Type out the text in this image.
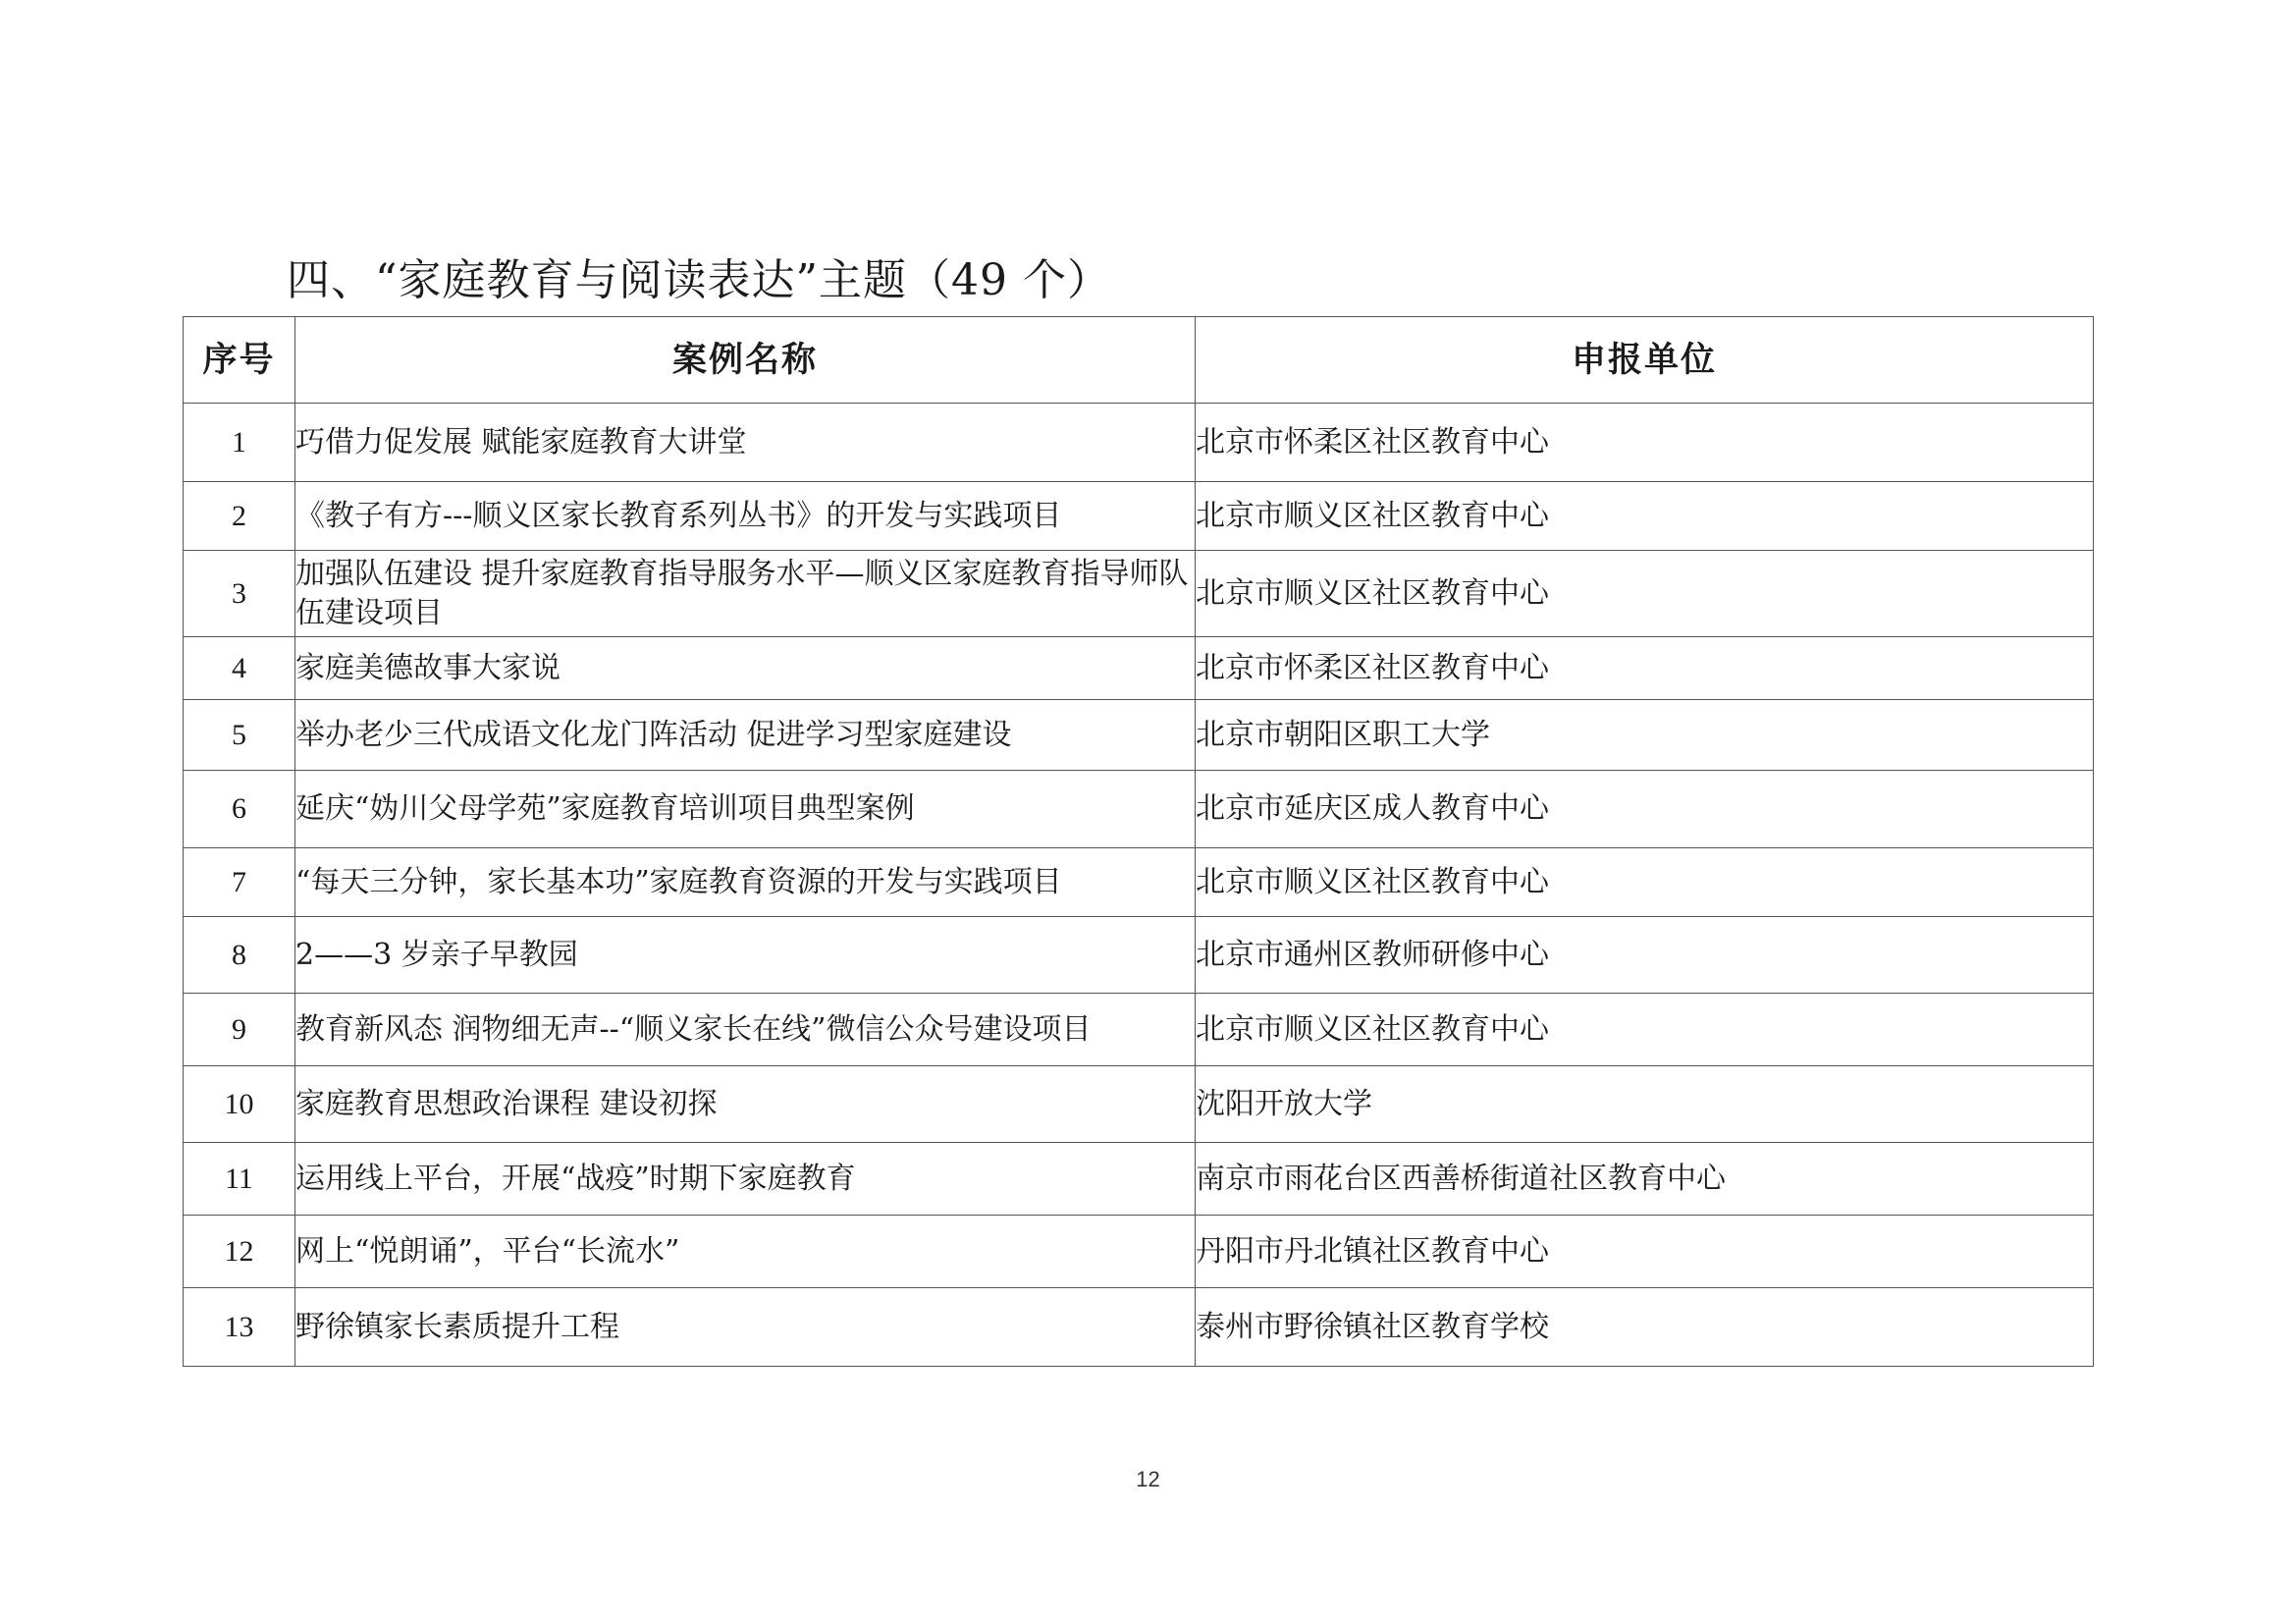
四、“家庭教育与阅读表达”主题（49 个）
序号	案例名称	申报单位
1	巧借力促发展 赋能家庭教育大讲堂	北京市怀柔区社区教育中心
2	《教子有方---顺义区家长教育系列丛书》的开发与实践项目	北京市顺义区社区教育中心
3	加强队伍建设 提升家庭教育指导服务水平—顺义区家庭教育指导师队伍建设项目	北京市顺义区社区教育中心
4	家庭美德故事大家说	北京市怀柔区社区教育中心
5	举办老少三代成语文化龙门阵活动 促进学习型家庭建设	北京市朝阳区职工大学
6	延庆“妫川父母学苑”家庭教育培训项目典型案例	北京市延庆区成人教育中心
7	“每天三分钟，家长基本功”家庭教育资源的开发与实践项目	北京市顺义区社区教育中心
8	2——3 岁亲子早教园	北京市通州区教师研修中心
9	教育新风态 润物细无声--“顺义家长在线”微信公众号建设项目	北京市顺义区社区教育中心
10	家庭教育思想政治课程 建设初探	沈阳开放大学
11	运用线上平台，开展“战疫”时期下家庭教育	南京市雨花台区西善桥街道社区教育中心
12	网上“悦朗诵”，平台“长流水”	丹阳市丹北镇社区教育中心
13	野徐镇家长素质提升工程	泰州市野徐镇社区教育学校
12
